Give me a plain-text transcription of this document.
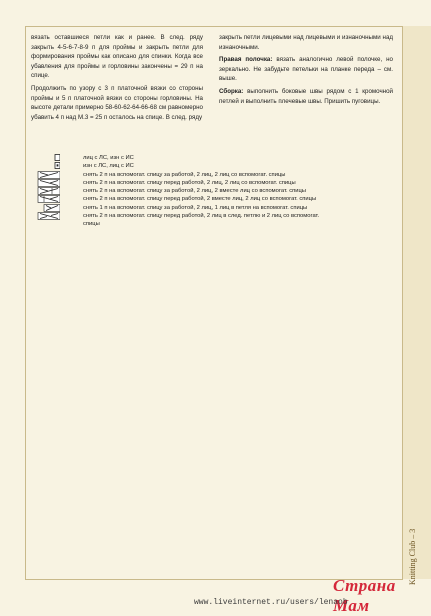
вязать оставшиеся петли как и ранее. В след. ряду закрыть 4-5-6-7-8-9 п для проймы и закрыть петли для формирования проймы как описано для спинки. Когда все убавления для проймы и горловины закончены = 29 п на спице.

Продолжить по узору с 3 п платочной вязки со стороны проймы и 5 п платочной вязки со стороны горловины. На высоте детали примерно 58-60-62-64-66-68 см равномерно убавить 4 п над М.3 = 25 п осталось на спице. В след. ряду

закрыть петли лицевыми над лицевыми и изнаночными над изнаночными.

Правая полочка: вязать аналогично левой полочке, но зеркально. Не забудьте петельки на планке переда – см. выше.

Сборка: выполнить боковые швы рядом с 1 кромочной петлей и выполнить плечевые швы. Пришить пуговицы.

лиц с ЛС, изн с ИС
изн с ЛС, лиц с ИС
снять 2 п на вспомогат. спицу за работой, 2 лиц, 2 лиц со вспомогат. спицы
снять 2 п на вспомогат. спицу перед работой, 2 лиц, 2 лиц со вспомогат. спицы
снять 2 п на вспомогат. спицу за работой, 2 лиц, 2 вместе лиц со вспомогат. спицы
снять 2 п на вспомогат. спицу перед работой, 2 вместе лиц, 2 лиц со вспомогат. спицы
снять 1 п на вспомогат. спицу за работой, 2 лиц, 1 лиц в петля на вспомогат. спицы
снять 2 п на вспомогат. спицу перед работой, 2 лиц в след. петлю и 2 лиц со вспомогат.
спицы
Knitting Club – 3
Страна Мам
www.liveinternet.ru/users/lenaob
